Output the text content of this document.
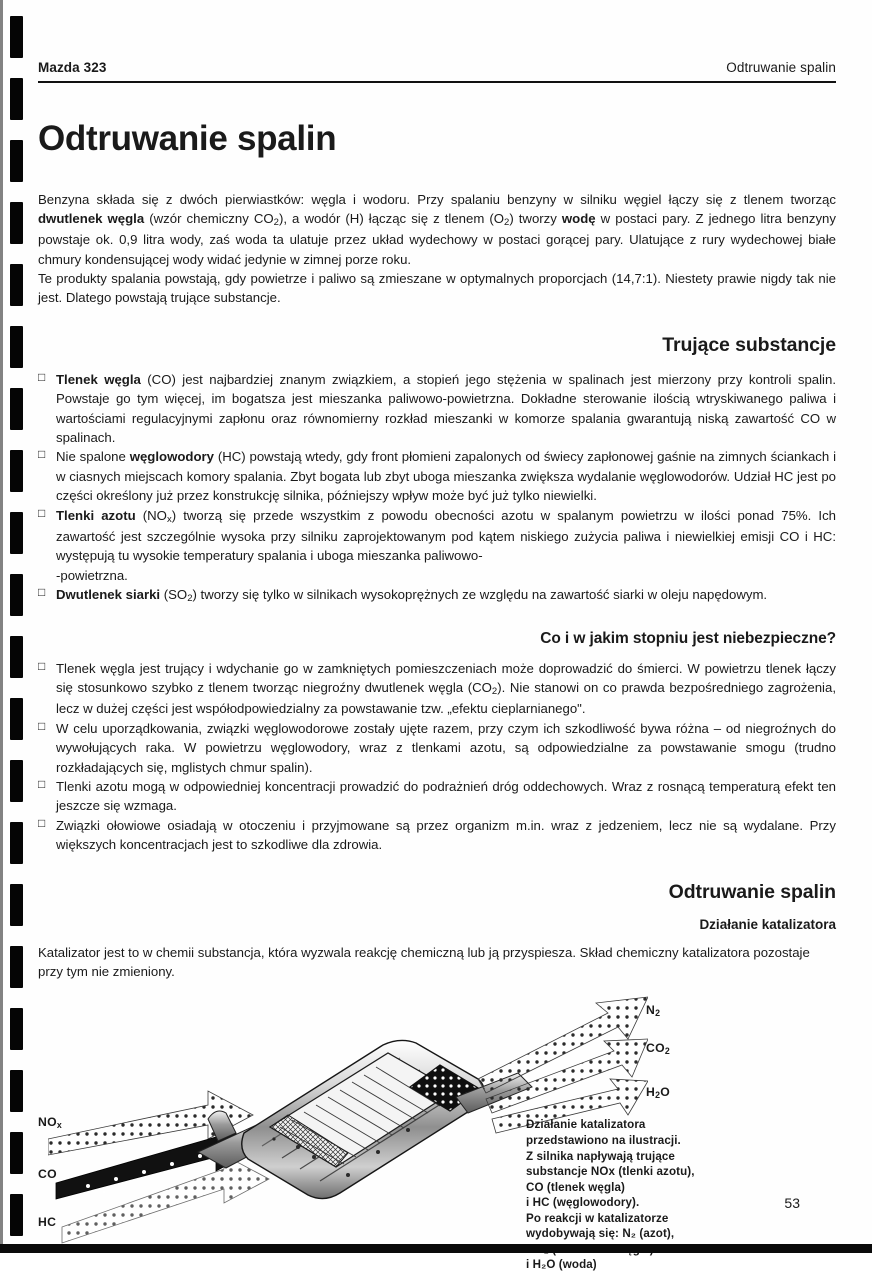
Mazda 323	Odtruwanie spalin
Odtruwanie spalin

Benzyna składa się z dwóch pierwiastków: węgla i wodoru. Przy spalaniu benzyny w silniku węgiel łączy się z tlenem tworząc dwutlenek węgla (wzór chemiczny $CO_2$), a wodór (H) łącząc się z tlenem $(O_2)$ tworzy wodę w postaci pary. Z jednego litra benzyny powstaje ok. 0,9 litra wody, zaś woda ta ulatuje przez układ wydechowy w postaci gorącej pary. Ulatujące z rury wydechowej białe chmury kondensującej wody widać jedynie w zimnej porze roku.

Te produkty spalania powstają, gdy powietrze i paliwo są zmieszane w optymalnych proporcjach (14,7:1). Niestety prawie nigdy tak nie jest. Dlatego powstają trujące substancje.

Trujące substancje
□ Tlenek węgla (CO) jest najbardziej znanym związkiem, a stopień jego stężenia w spalinach jest mierzony przy kontroli spalin. Powstaje go tym więcej, im bogatsza jest mieszanka paliwowo-powietrzna. Dokładne sterowanie ilością wtryskiwanego paliwa i wartościami regulacyjnymi zapłonu oraz równomierny rozkład mieszanki w komorze spalania gwarantują niską zawartość CO w spalinach.
□ Nie spalone węglowodory (HC) powstają wtedy, gdy front płomieni zapalonych od świecy zapłonowej gaśnie na zimnych ściankach i w ciasnych miejscach komory spalania. Zbyt bogata lub zbyt uboga mieszanka zwiększa wydalanie węglowodorów. Udział HC jest po części określony już przez konstrukcję silnika, późniejszy wpływ może być już tylko niewielki.
□ Tlenki azotu $(NO_x)$ tworzą się przede wszystkim z powodu obecności azotu w spalanym powietrzu w ilości ponad 75%. Ich zawartość jest szczególnie wysoka przy silniku zaprojektowanym pod kątem niskiego zużycia paliwa i niewielkiej emisji CO i HC: występują tu wysokie temperatury spalania i uboga mieszanka paliwowo-
-powietrzna.
□ Dwutlenek siarki $(SO_2)$ tworzy się tylko w silnikach wysokoprężnych ze względu na zawartość siarki w oleju napędowym.
Co i w jakim stopniu jest niebezpieczne?
□ Tlenek węgla jest trujący i wdychanie go w zamkniętych pomieszczeniach może doprowadzić do śmierci. W powietrzu tlenek łączy się stosunkowo szybko z tlenem tworząc niegroźny dwutlenek węgla $(CO_2)$. Nie stanowi on co prawda bezpośredniego zagrożenia, lecz w dużej części jest współodpowiedzialny za powstawanie tzw. „efektu cieplarnianego".
□ W celu uporządkowania, związki węglowodorowe zostały ujęte razem, przy czym ich szkodliwość bywa różna – od niegroźnych do wywołujących raka. W powietrzu węglowodory, wraz z tlenkami azotu, są odpowiedzialne za powstawanie smogu (trudno rozkładających się, mglistych chmur spalin).
□ Tlenki azotu mogą w odpowiedniej koncentracji prowadzić do podrażnień dróg oddechowych. Wraz z rosnącą temperaturą efekt ten jeszcze się wzmaga.
□ Związki ołowiowe osiadają w otoczeniu i przyjmowane są przez organizm m.in. wraz z jedzeniem, lecz nie są wydalane. Przy większych koncentracjach jest to szkodliwe dla zdrowia.
Odtruwanie spalin
Działanie katalizatora

Katalizator jest to w chemii substancja, która wyzwala reakcję chemiczną lub ją przyspiesza. Skład chemiczny katalizatora pozostaje przy tym nie zmieniony.

$NO_x$
CO
HC
$N_2$
$CO_2$
$H_2O$
Działanie katalizatora
przedstawiono na ilustracji.
Z silnika napływają trujące
substancje NOx (tlenki azotu),
CO (tlenek węgla)
i HC (węglowodory).
Po reakcji w katalizatorze
wydobywają się: N₂ (azot),
i H₂O (woda)
53
